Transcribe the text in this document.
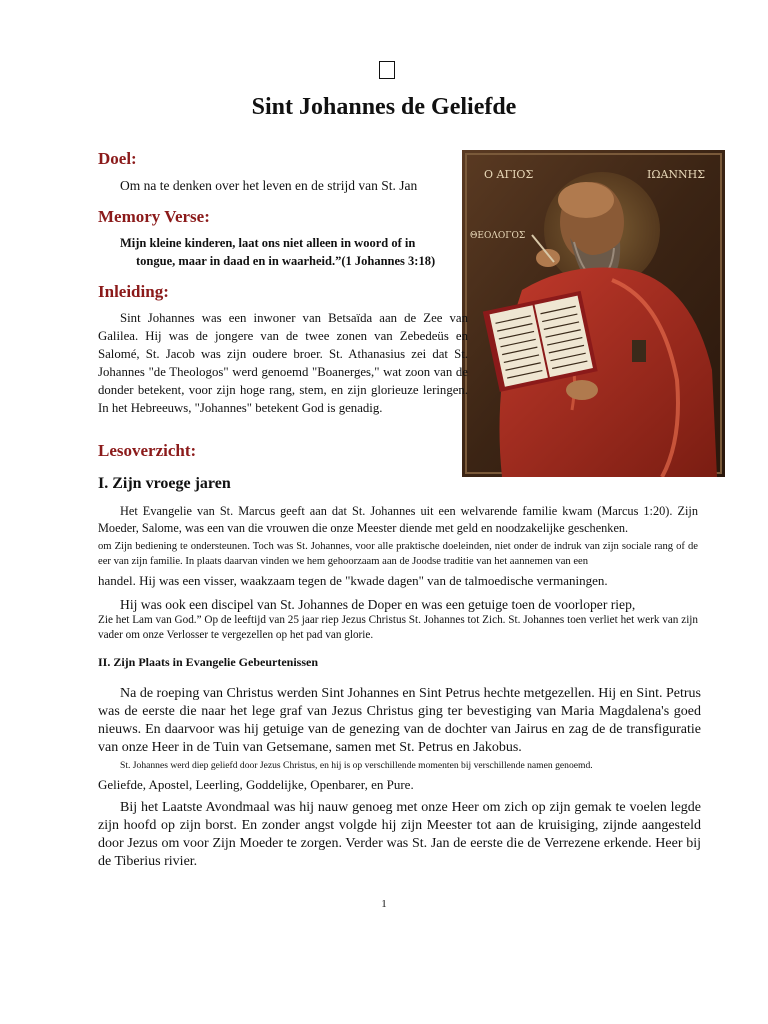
Sint Johannes de Geliefde
Ο ΑΓΙΟΣ	ΙΩΑΝΝΗΣ
ΘΕΟΛΟΓΟΣ
Doel:

Om na te denken over het leven en de strijd van St. Jan

Memory Verse:

Mijn kleine kinderen, laat ons niet alleen in woord of in
tongue, maar in daad en in waarheid.”(1 Johannes 3:18)

Inleiding:

Sint Johannes was een inwoner van Betsaïda aan de Zee van Galilea. Hij was de jongere van de twee zonen van Zebedeüs en Salomé, St. Jacob was zijn oudere broer. St. Athanasius zei dat St. Johannes "de Theologos" werd genoemd "Boanerges," wat zoon van de donder betekent, voor zijn hoge rang, stem, en zijn glorieuze leringen. In het Hebreeuws, "Johannes" betekent God is genadig.

Lesoverzicht:
I. Zijn vroege jaren

Het Evangelie van St. Marcus geeft aan dat St. Johannes uit een welvarende familie kwam (Marcus 1:20). Zijn Moeder, Salome, was een van die vrouwen die onze Meester diende met geld en noodzakelijke geschenken.

om Zijn bediening te ondersteunen. Toch was St. Johannes, voor alle praktische doeleinden, niet onder de indruk van zijn sociale rang of de eer van zijn familie. In plaats daarvan vinden we hem gehoorzaam aan de Joodse traditie van het aannemen van een

handel. Hij was een visser, waakzaam tegen de "kwade dagen" van de talmoedische vermaningen.

Hij was ook een discipel van St. Johannes de Doper en was een getuige toen de voorloper riep,

Zie het Lam van God.” Op de leeftijd van 25 jaar riep Jezus Christus St. Johannes tot Zich. St. Johannes toen verliet het werk van zijn vader om onze Verlosser te vergezellen op het pad van glorie.

II. Zijn Plaats in Evangelie Gebeurtenissen

Na de roeping van Christus werden Sint Johannes en Sint Petrus hechte metgezellen. Hij en Sint. Petrus was de eerste die naar het lege graf van Jezus Christus ging ter bevestiging van Maria Magdalena's goed nieuws. En daarvoor was hij getuige van de genezing van de dochter van Jairus en zag de de transfiguratie van onze Heer in de Tuin van Getsemane, samen met St. Petrus en Jakobus.

St. Johannes werd diep geliefd door Jezus Christus, en hij is op verschillende momenten bij verschillende namen genoemd.

Geliefde, Apostel, Leerling, Goddelijke, Openbarer, en Pure.

Bij het Laatste Avondmaal was hij nauw genoeg met onze Heer om zich op zijn gemak te voelen legde zijn hoofd op zijn borst. En zonder angst volgde hij zijn Meester tot aan de kruisiging, zijnde aangesteld door Jezus om voor Zijn Moeder te zorgen. Verder was St. Jan de eerste die de Verrezene erkende. Heer bij de Tiberius rivier.

1
